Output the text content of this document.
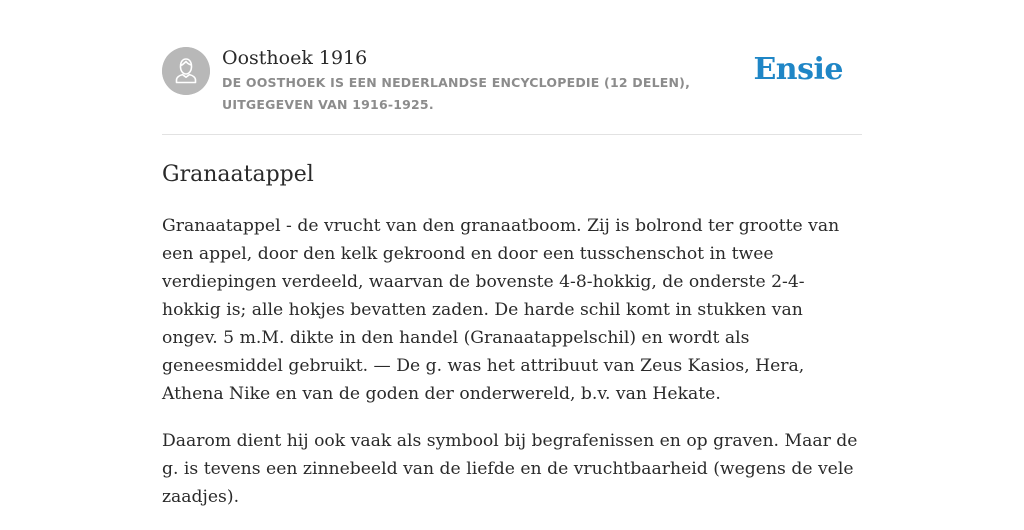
Oosthoek 1916
DE OOSTHOEK IS EEN NEDERLANDSE ENCYCLOPEDIE (12 DELEN), UITGEGEVEN VAN 1916-1925.
Ensie
Granaatappel

Granaatappel - de vrucht van den granaatboom. Zij is bolrond ter grootte van een appel, door den kelk gekroond en door een tusschenschot in twee verdiepingen verdeeld, waarvan de bovenste 4-8-hokkig, de onderste 2-4-hokkig is; alle hokjes bevatten zaden. De harde schil komt in stukken van ongev. 5 m.M. dikte in den handel (Granaatappelschil) en wordt als geneesmiddel gebruikt. — De g. was het attribuut van Zeus Kasios, Hera, Athena Nike en van de goden der onderwereld, b.v. van Hekate.

Daarom dient hij ook vaak als symbool bij begrafenissen en op graven. Maar de g. is tevens een zinnebeeld van de liefde en de vruchtbaarheid (wegens de vele zaadjes).
